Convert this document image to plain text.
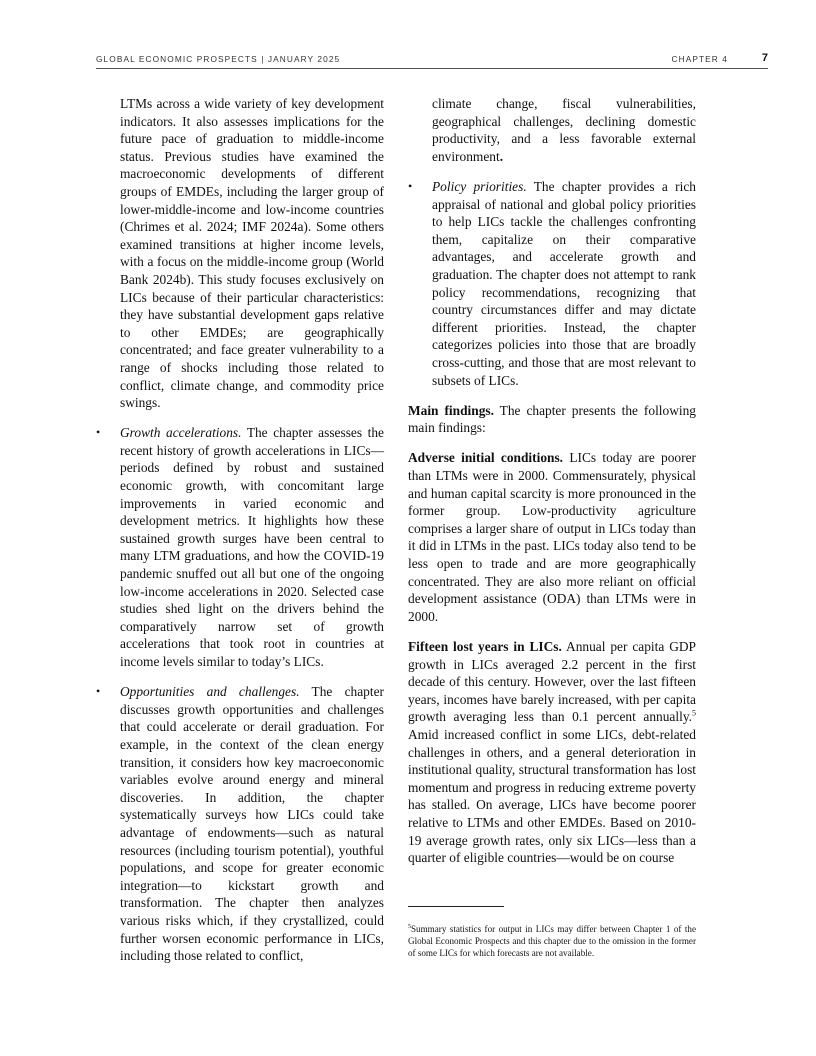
GLOBAL ECONOMIC PROSPECTS | JANUARY 2025	CHAPTER 4	7

LTMs across a wide variety of key development indicators. It also assesses implications for the future pace of graduation to middle-income status. Previous studies have examined the macroeconomic developments of different groups of EMDEs, including the larger group of lower-middle-income and low-income countries (Chrimes et al. 2024; IMF 2024a). Some others examined transitions at higher income levels, with a focus on the middle-income group (World Bank 2024b). This study focuses exclusively on LICs because of their particular characteristics: they have substantial development gaps relative to other EMDEs; are geographically concentrated; and face greater vulnerability to a range of shocks including those related to conflict, climate change, and commodity price swings.

• Growth accelerations. The chapter assesses the recent history of growth accelerations in LICs—periods defined by robust and sustained economic growth, with concomitant large improvements in varied economic and development metrics. It highlights how these sustained growth surges have been central to many LTM graduations, and how the COVID-19 pandemic snuffed out all but one of the ongoing low-income accelerations in 2020. Selected case studies shed light on the drivers behind the comparatively narrow set of growth accelerations that took root in countries at income levels similar to today’s LICs.

• Opportunities and challenges. The chapter discusses growth opportunities and challenges that could accelerate or derail graduation. For example, in the context of the clean energy transition, it considers how key macroeconomic variables evolve around energy and mineral discoveries. In addition, the chapter systematically surveys how LICs could take advantage of endowments—such as natural resources (including tourism potential), youthful populations, and scope for greater economic integration—to kickstart growth and transformation. The chapter then analyzes various risks which, if they crystallized, could further worsen economic performance in LICs, including those related to conflict,

climate change, fiscal vulnerabilities, geographical challenges, declining domestic productivity, and a less favorable external environment.

• Policy priorities. The chapter provides a rich appraisal of national and global policy priorities to help LICs tackle the challenges confronting them, capitalize on their comparative advantages, and accelerate growth and graduation. The chapter does not attempt to rank policy recommendations, recognizing that country circumstances differ and may dictate different priorities. Instead, the chapter categorizes policies into those that are broadly cross-cutting, and those that are most relevant to subsets of LICs.

Main findings. The chapter presents the following main findings:

Adverse initial conditions. LICs today are poorer than LTMs were in 2000. Commensurately, physical and human capital scarcity is more pronounced in the former group. Low-productivity agriculture comprises a larger share of output in LICs today than it did in LTMs in the past. LICs today also tend to be less open to trade and are more geographically concentrated. They are also more reliant on official development assistance (ODA) than LTMs were in 2000.

Fifteen lost years in LICs. Annual per capita GDP growth in LICs averaged 2.2 percent in the first decade of this century. However, over the last fifteen years, incomes have barely increased, with per capita growth averaging less than 0.1 percent annually.$^5$ Amid increased conflict in some LICs, debt-related challenges in others, and a general deterioration in institutional quality, structural transformation has lost momentum and progress in reducing extreme poverty has stalled. On average, LICs have become poorer relative to LTMs and other EMDEs. Based on 2010-19 average growth rates, only six LICs—less than a quarter of eligible countries—would be on course

$^5$Summary statistics for output in LICs may differ between Chapter 1 of the Global Economic Prospects and this chapter due to the omission in the former of some LICs for which forecasts are not available.
